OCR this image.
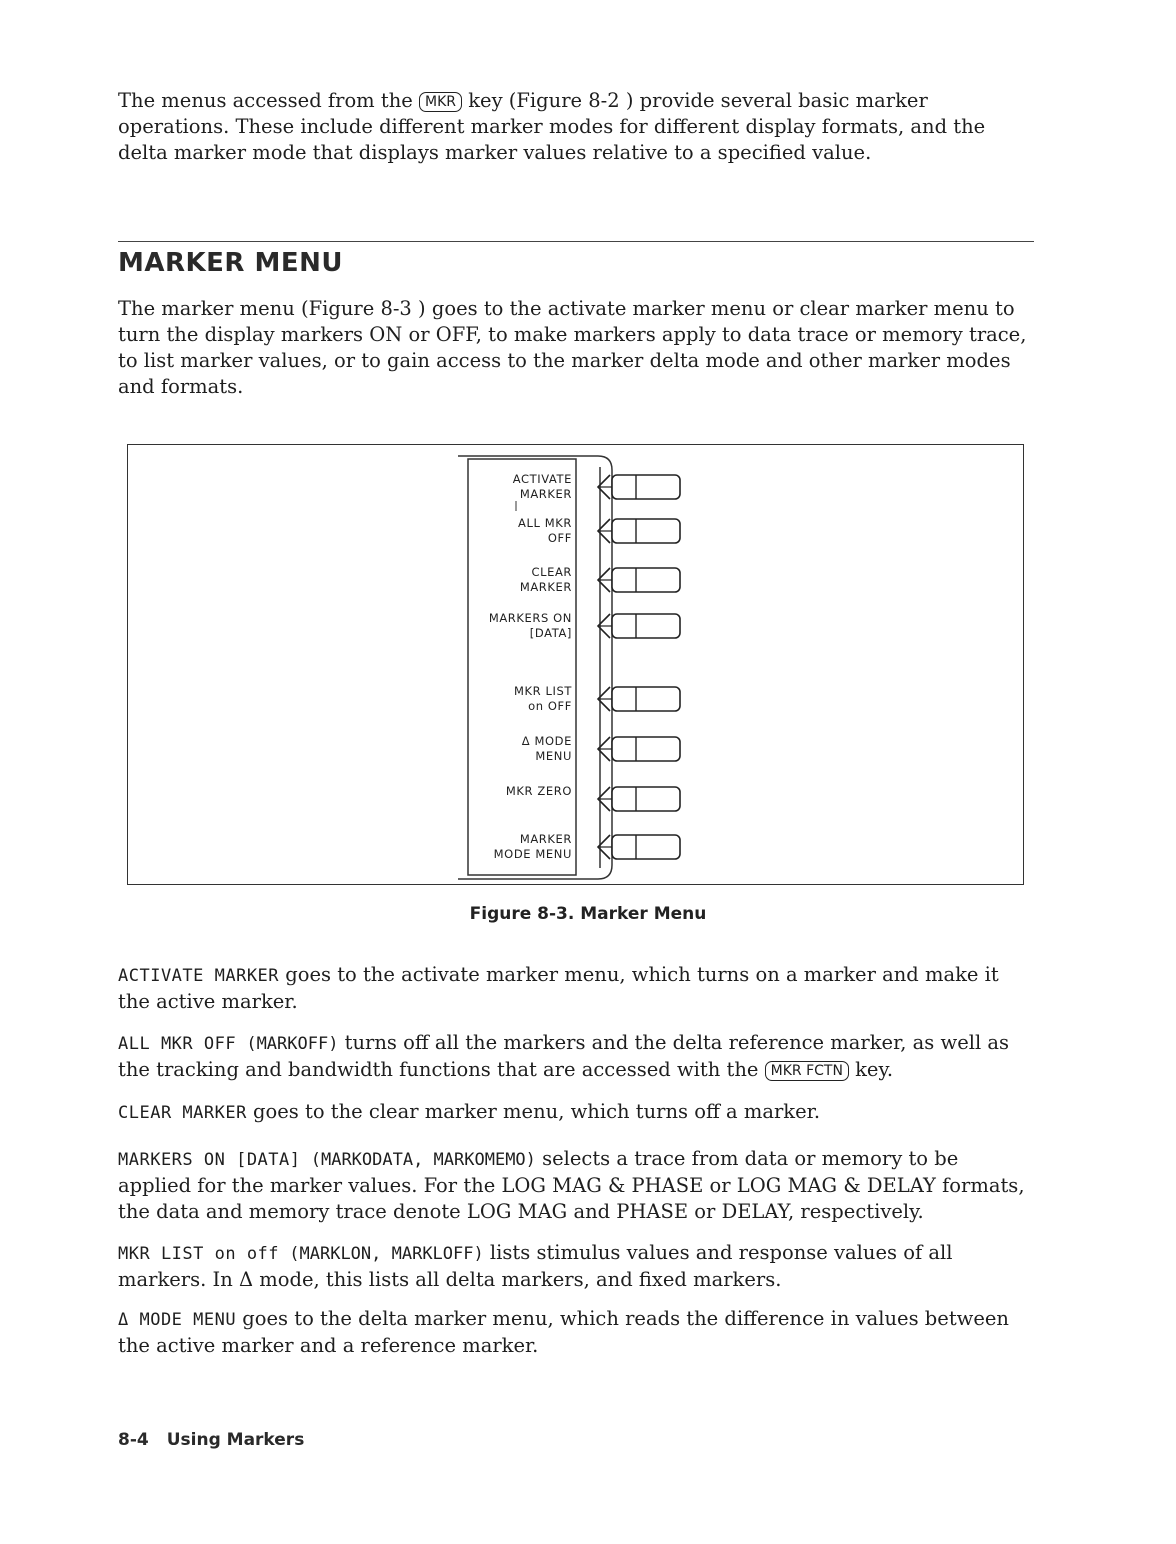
The menus accessed from the MKR key (Figure 8-2 ) provide several basic marker operations. These include different marker modes for different display formats, and the delta marker mode that displays marker values relative to a specified value.

MARKER MENU

The marker menu (Figure 8-3 ) goes to the activate marker menu or clear marker menu to turn the display markers ON or OFF, to make markers apply to data trace or memory trace, to list marker values, or to gain access to the marker delta mode and other marker modes and formats.

ACTIVATE
MARKER
ALL MKR
OFF
CLEAR
MARKER
MARKERS ON
[DATA]
MKR LIST
on OFF
Δ MODE
MENU
MKR ZERO
MARKER
MODE MENU

Figure 8-3. Marker Menu

ACTIVATE MARKER goes to the activate marker menu, which turns on a marker and make it the active marker.

ALL MKR OFF (MARKOFF) turns off all the markers and the delta reference marker, as well as the tracking and bandwidth functions that are accessed with the MKR FCTN key.

CLEAR MARKER goes to the clear marker menu, which turns off a marker.

MARKERS ON [DATA] (MARKODATA, MARKOMEMO) selects a trace from data or memory to be applied for the marker values. For the LOG MAG & PHASE or LOG MAG & DELAY formats, the data and memory trace denote LOG MAG and PHASE or DELAY, respectively.

MKR LIST on off (MARKLON, MARKLOFF) lists stimulus values and response values of all markers. In Δ mode, this lists all delta markers, and fixed markers.

Δ MODE MENU goes to the delta marker menu, which reads the difference in values between the active marker and a reference marker.

8-4 Using Markers
